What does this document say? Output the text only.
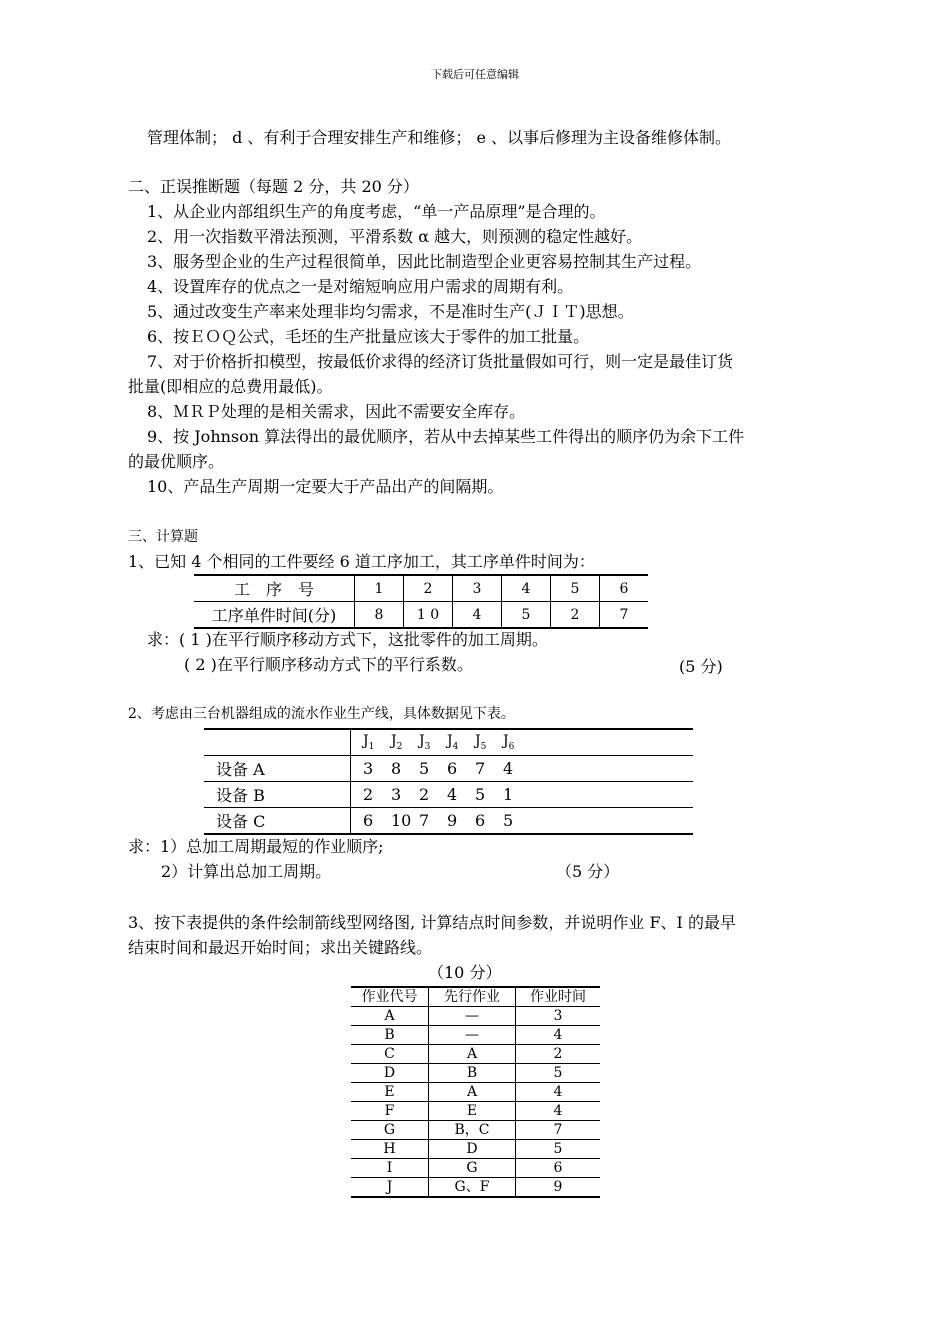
下载后可任意编辑
管理体制； d 、有利于合理安排生产和维修； e 、以事后修理为主设备维修体制。
二、正误推断题（每题 2 分，共 20 分）
1、从企业内部组织生产的角度考虑，“单一产品原理”是合理的。
2、用一次指数平滑法预测，平滑系数 α 越大，则预测的稳定性越好。
3、服务型企业的生产过程很简单，因此比制造型企业更容易控制其生产过程。
4、设置库存的优点之一是对缩短响应用户需求的周期有利。
5、通过改变生产率来处理非均匀需求，不是准时生产(ＪＩＴ)思想。
6、按ＥＯＱ公式，毛坯的生产批量应该大于零件的加工批量。
7、对于价格折扣模型，按最低价求得的经济订货批量假如可行，则一定是最佳订货
批量(即相应的总费用最低)。
8、ＭＲＰ处理的是相关需求，因此不需要安全库存。
9、按 Johnson 算法得出的最优顺序，若从中去掉某些工件得出的顺序仍为余下工件
的最优顺序。
10、产品生产周期一定要大于产品出产的间隔期。
三、计算题
1、已知 4 个相同的工件要经 6 道工序加工，其工序单件时间为：
工　序　号	1	2	3	4	5	6
工序单件时间(分)	8	1 0	4	5	2	7
求：( 1 )在平行顺序移动方式下，这批零件的加工周期。
( 2 )在平行顺序移动方式下的平行系数。	(5 分)
2、考虑由三台机器组成的流水作业生产线，具体数据见下表。
	$J_1$ $J_2$ $J_3$ $J_4$ $J_5$ $J_6$
设备 A	3 8 5 6 7 4
设备 B	2 3 2 4 5 1
设备 C	6 10 7 9 6 5
求：1）总加工周期最短的作业顺序;
2）计算出总加工周期。	（5 分）
3、按下表提供的条件绘制箭线型网络图, 计算结点时间参数，并说明作业 F、I 的最早
结束时间和最迟开始时间；求出关键路线。
（10 分）
作业代号	先行作业	作业时间
A	—	3
B	—	4
C	A	2
D	B	5
E	A	4
F	E	4
G	B，C	7
H	D	5
I	G	6
J	G、F	9
